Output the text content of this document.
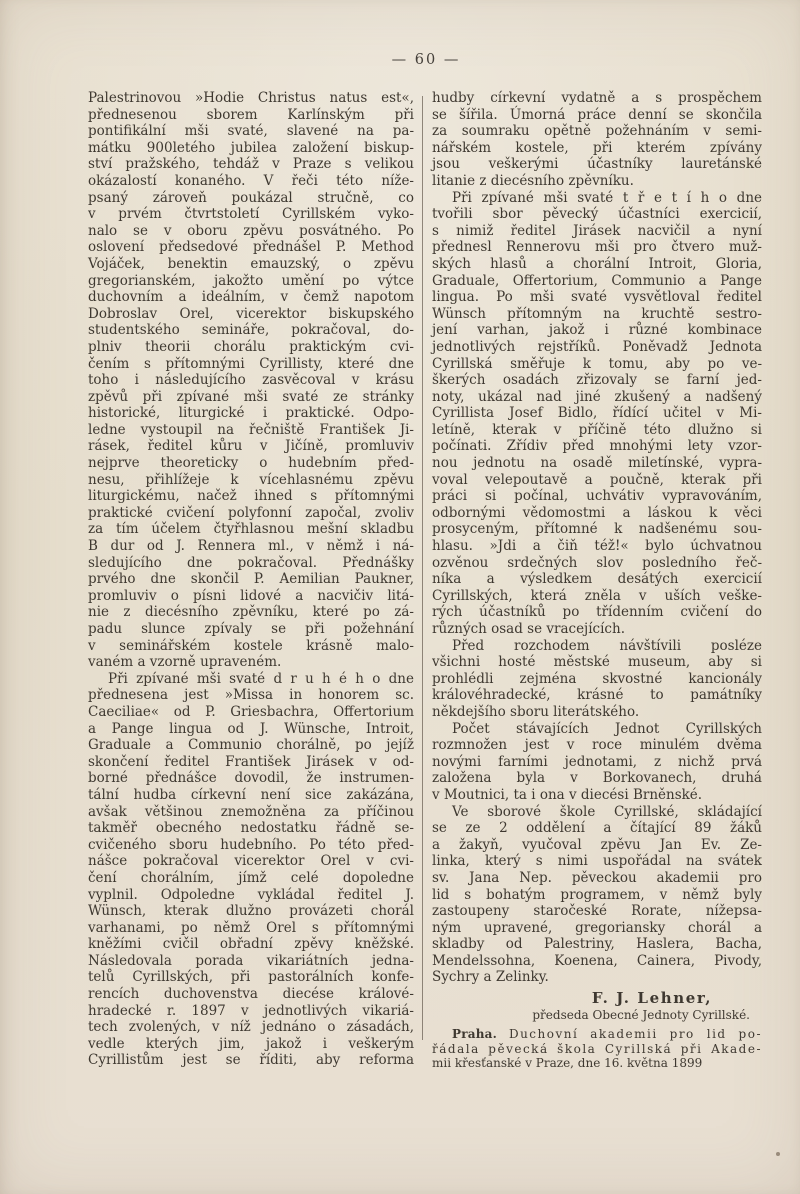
— 60 —
Palestrinovou »Hodie Christus natus est«,
přednesenou sborem Karlínským při
pontifikální mši svaté, slavené na pa-
mátku 900letého jubilea založení biskup-
ství pražského, tehdáž v Praze s velikou
okázalostí konaného. V řeči této níže-
psaný zároveň poukázal stručně, co
v prvém čtvrtstoletí Cyrillském vyko-
nalo se v oboru zpěvu posvátného. Po
oslovení předsedové přednášel P. Method
Vojáček, benektin emauzský, o zpěvu
gregorianském, jakožto umění po výtce
duchovním a ideálním, v čemž napotom
Dobroslav Orel, vicerektor biskupského
studentského semináře, pokračoval, do-
plniv theorii chorálu praktickým cvi-
čením s přítomnými Cyrillisty, které dne
toho i následujícího zasvěcoval v krásu
zpěvů při zpívané mši svaté ze stránky
historické, liturgické i praktické. Odpo-
ledne vystoupil na řečniště František Ji-
rásek, ředitel kůru v Jičíně, promluviv
nejprve theoreticky o hudebním před-
nesu, přihlížeje k vícehlasnému zpěvu
liturgickému, načež ihned s přítomnými
praktické cvičení polyfonní započal, zvoliv
za tím účelem čtyřhlasnou mešní skladbu
B dur od J. Rennera ml., v němž i ná-
sledujícího dne pokračoval. Přednášky
prvého dne skončil P. Aemilian Paukner,
promluviv o písni lidové a nacvičiv litá-
nie z diecésního zpěvníku, které po zá-
padu slunce zpívaly se při požehnání
v seminářském kostele krásně malo-
vaném a vzorně upraveném.
Při zpívané mši svaté d r u h é h o dne
přednesena jest »Missa in honorem sc.
Caeciliae« od P. Griesbachra, Offertorium
a Pange lingua od J. Wünsche, Introit,
Graduale a Communio chorálně, po jejíž
skončení ředitel František Jirásek v od-
borné přednášce dovodil, že instrumen-
tální hudba církevní není sice zakázána,
avšak většinou znemožněna za příčinou
takměř obecného nedostatku řádně se-
cvičeného sboru hudebního. Po této před-
nášce pokračoval vicerektor Orel v cvi-
čení chorálním, jímž celé dopoledne
vyplnil. Odpoledne vykládal ředitel J.
Wünsch, kterak dlužno provázeti chorál
varhanami, po němž Orel s přítomnými
kněžími cvičil obřadní zpěvy kněžské.
Následovala porada vikariátních jedna-
telů Cyrillských, při pastorálních konfe-
rencích duchovenstva diecése králové-
hradecké r. 1897 v jednotlivých vikariá-
tech zvolených, v níž jednáno o zásadách,
vedle kterých jim, jakož i veškerým
Cyrillistům jest se říditi, aby reforma
hudby církevní vydatně a s prospěchem
se šířila. Úmorná práce denní se skončila
za soumraku opětně požehnáním v semi-
nářském kostele, při kterém zpívány
jsou veškerými účastníky lauretánské
litanie z diecésního zpěvníku.
Při zpívané mši svaté t ř e t í h o dne
tvořili sbor pěvecký účastníci exercicií,
s nimiž ředitel Jirásek nacvičil a nyní
přednesl Rennerovu mši pro čtvero muž-
ských hlasů a chorální Introit, Gloria,
Graduale, Offertorium, Communio a Pange
lingua. Po mši svaté vysvětloval ředitel
Wünsch přítomným na kruchtě sestro-
jení varhan, jakož i různé kombinace
jednotlivých rejstříků. Poněvadž Jednota
Cyrillská směřuje k tomu, aby po ve-
škerých osadách zřizovaly se farní jed-
noty, ukázal nad jiné zkušený a nadšený
Cyrillista Josef Bidlo, řídící učitel v Mi-
letíně, kterak v příčině této dlužno si
počínati. Zřídiv před mnohými lety vzor-
nou jednotu na osadě miletínské, vypra-
voval velepoutavě a poučně, kterak při
práci si počínal, uchvátiv vypravováním,
odbornými vědomostmi a láskou k věci
prosyceným, přítomné k nadšenému sou-
hlasu. »Jdi a čiň též!« bylo úchvatnou
ozvěnou srdečných slov posledního řeč-
níka a výsledkem desátých exercicií
Cyrillských, která zněla v uších veške-
rých účastníků po třídenním cvičení do
různých osad se vracejících.
Před rozchodem návštívili posléze
všichni hosté městské museum, aby si
prohlédli zejména skvostné kancionály
královéhradecké, krásné to památníky
někdejšího sboru literátského.
Počet stávajících Jednot Cyrillských
rozmnožen jest v roce minulém dvěma
novými farními jednotami, z nichž prvá
založena byla v Borkovanech, druhá
v Moutnici, ta i ona v diecési Brněnské.
Ve sborové škole Cyrillské, skládající
se ze 2 oddělení a čítající 89 žáků
a žakyň, vyučoval zpěvu Jan Ev. Ze-
linka, který s nimi uspořádal na svátek
sv. Jana Nep. pěveckou akademii pro
lid s bohatým programem, v němž byly
zastoupeny staročeské Rorate, nížepsa-
ným upravené, gregoriansky chorál a
skladby od Palestriny, Haslera, Bacha,
Mendelssohna, Koenena, Cainera, Pivody,
Sychry a Zelinky.
F. J. Lehner,
předseda Obecné Jednoty Cyrillské.
Praha. Duchovní akademii pro lid po-
řádala pěvecká škola Cyrillská při Akade-
mii křesťanské v Praze, dne 16. května 1899
